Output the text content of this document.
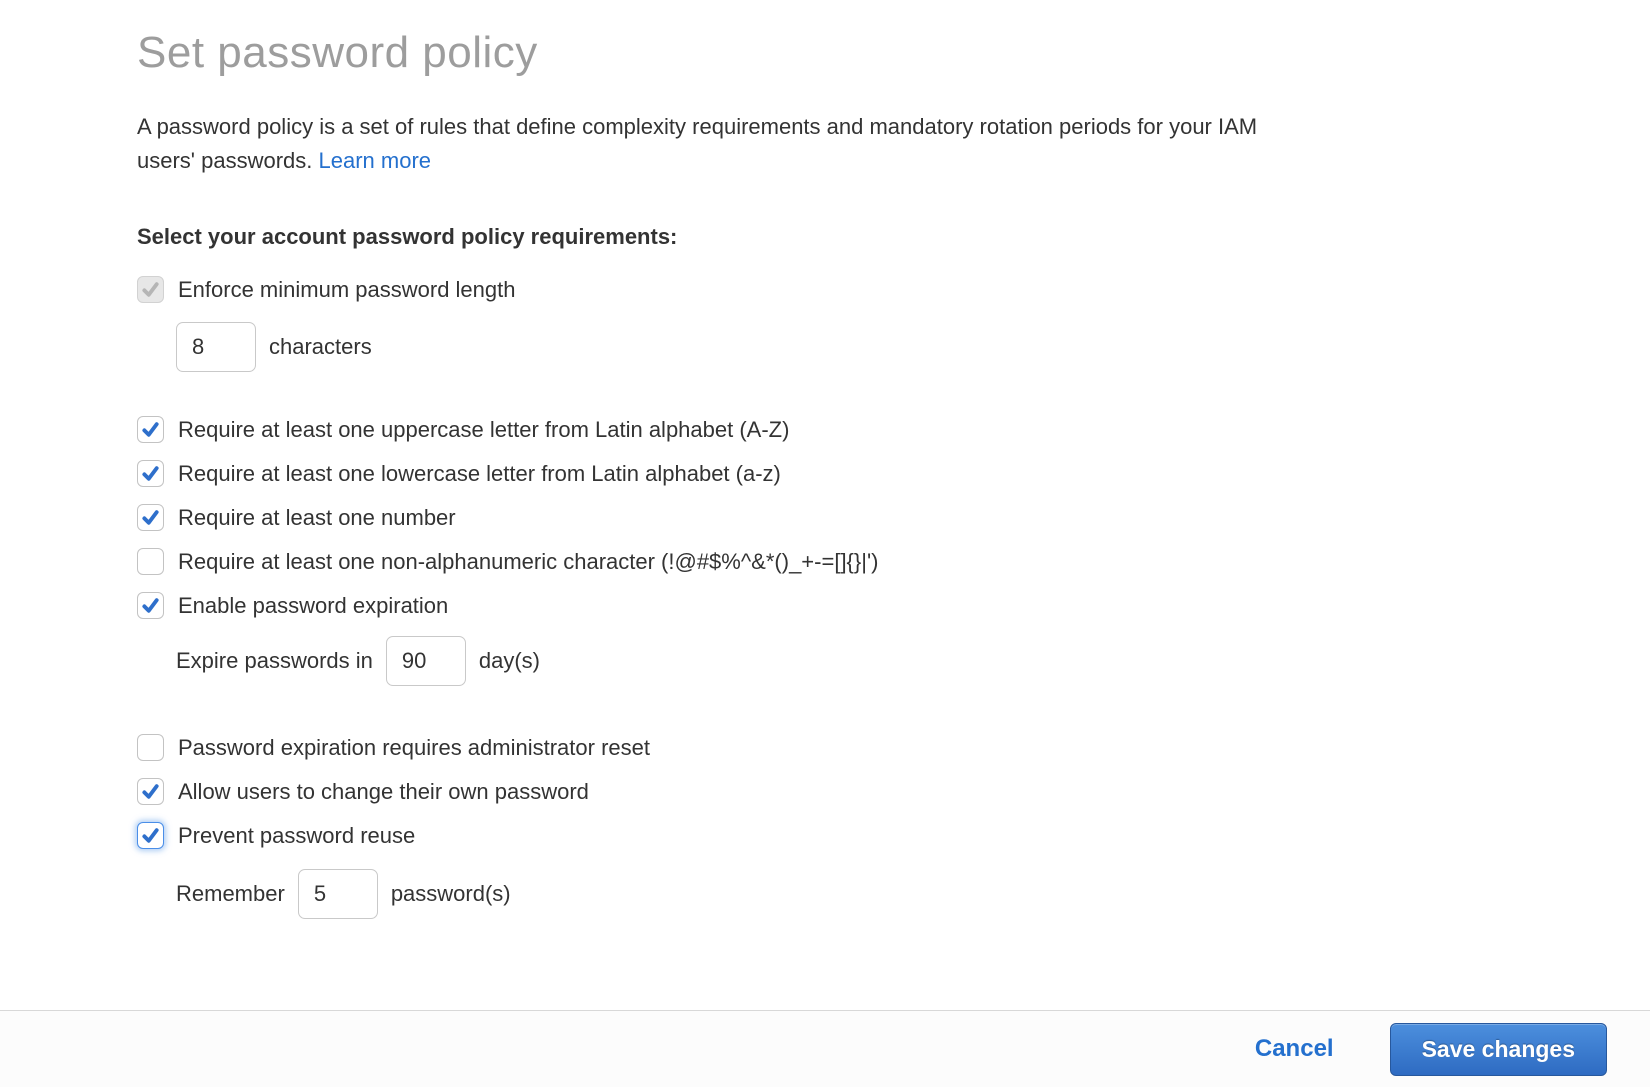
Set password policy

A password policy is a set of rules that define complexity requirements and mandatory rotation periods for your IAM
users' passwords. Learn more

Select your account password policy requirements:
Enforce minimum password length
8
characters
Require at least one uppercase letter from Latin alphabet (A-Z)
Require at least one lowercase letter from Latin alphabet (a-z)
Require at least one number
Require at least one non-alphanumeric character (!@#$%^&*()_+-=[]{}|')
Enable password expiration
Expire passwords in
90	day(s)
Password expiration requires administrator reset
Allow users to change their own password
Prevent password reuse
Remember
5	password(s)
Cancel	Save changes
